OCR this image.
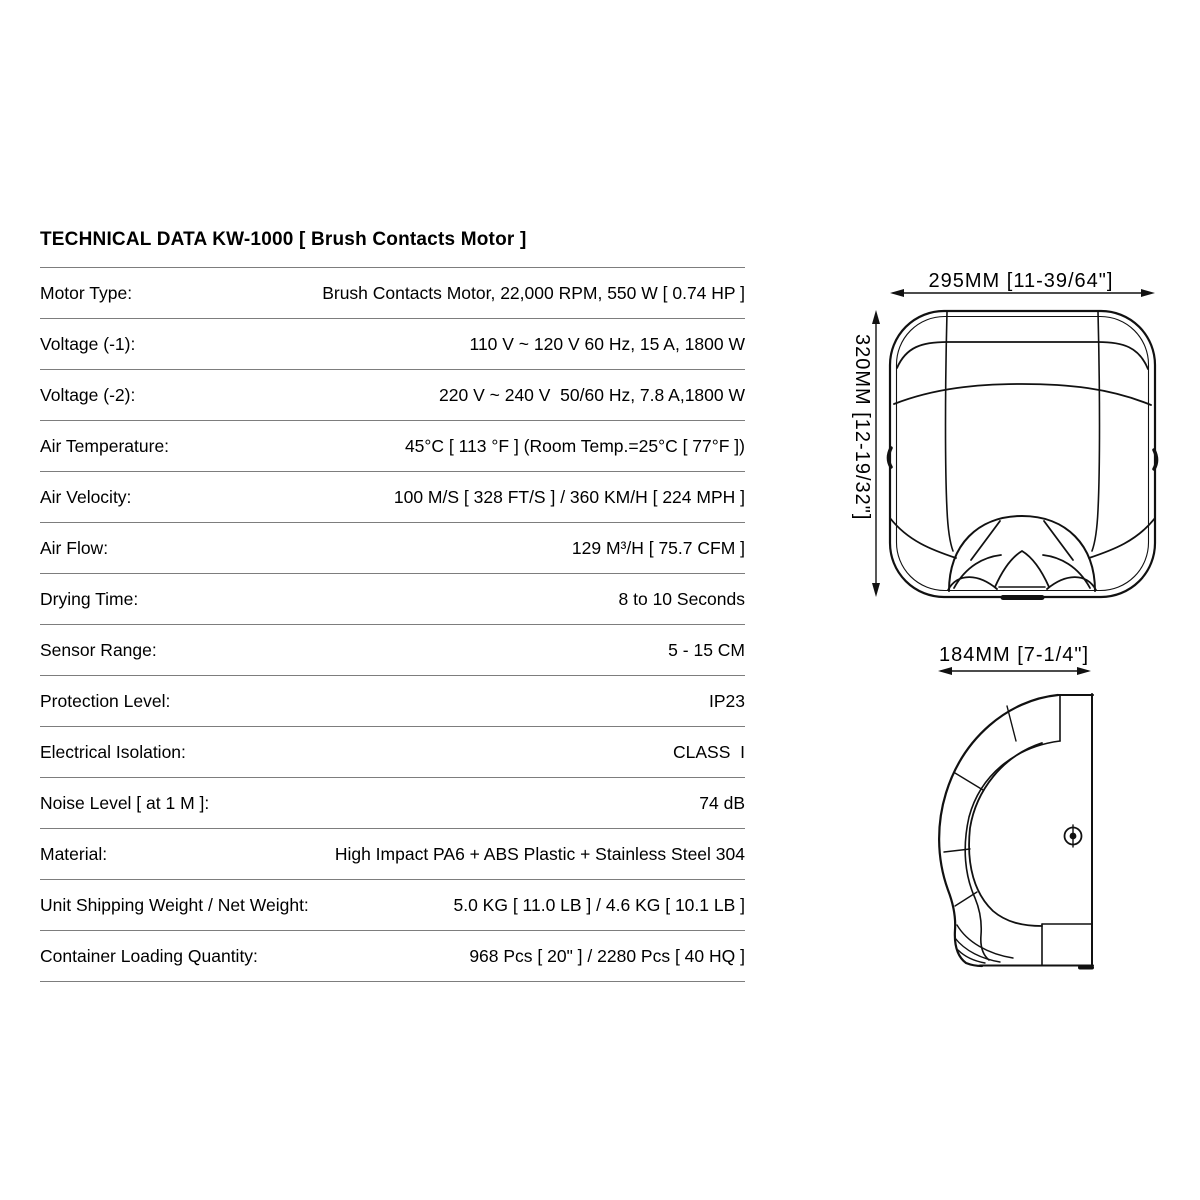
TECHNICAL DATA KW-1000 [ Brush Contacts Motor ]
Motor Type:	Brush Contacts Motor, 22,000 RPM, 550 W [ 0.74 HP ]
Voltage (-1):	110 V ~ 120 V 60 Hz, 15 A, 1800 W
Voltage (-2):	220 V ~ 240 V  50/60 Hz, 7.8 A,1800 W
Air Temperature:	45°C [ 113 °F ] (Room Temp.=25°C [ 77°F ])
Air Velocity:	100 M/S [ 328 FT/S ] / 360 KM/H [ 224 MPH ]
Air Flow:	129 M³/H [ 75.7 CFM ]
Drying Time:	8 to 10 Seconds
Sensor Range:	5 - 15 CM
Protection Level:	IP23
Electrical Isolation:	CLASS  I
Noise Level [ at 1 M ]:	74 dB
Material:	High Impact PA6 + ABS Plastic + Stainless Steel 304
Unit Shipping Weight / Net Weight:	5.0 KG [ 11.0 LB ] / 4.6 KG [ 10.1 LB ]
Container Loading Quantity:	968 Pcs [ 20" ] / 2280 Pcs [ 40 HQ ]
295MM [11-39/64"]
320MM [12-19/32"]
184MM [7-1/4"]
